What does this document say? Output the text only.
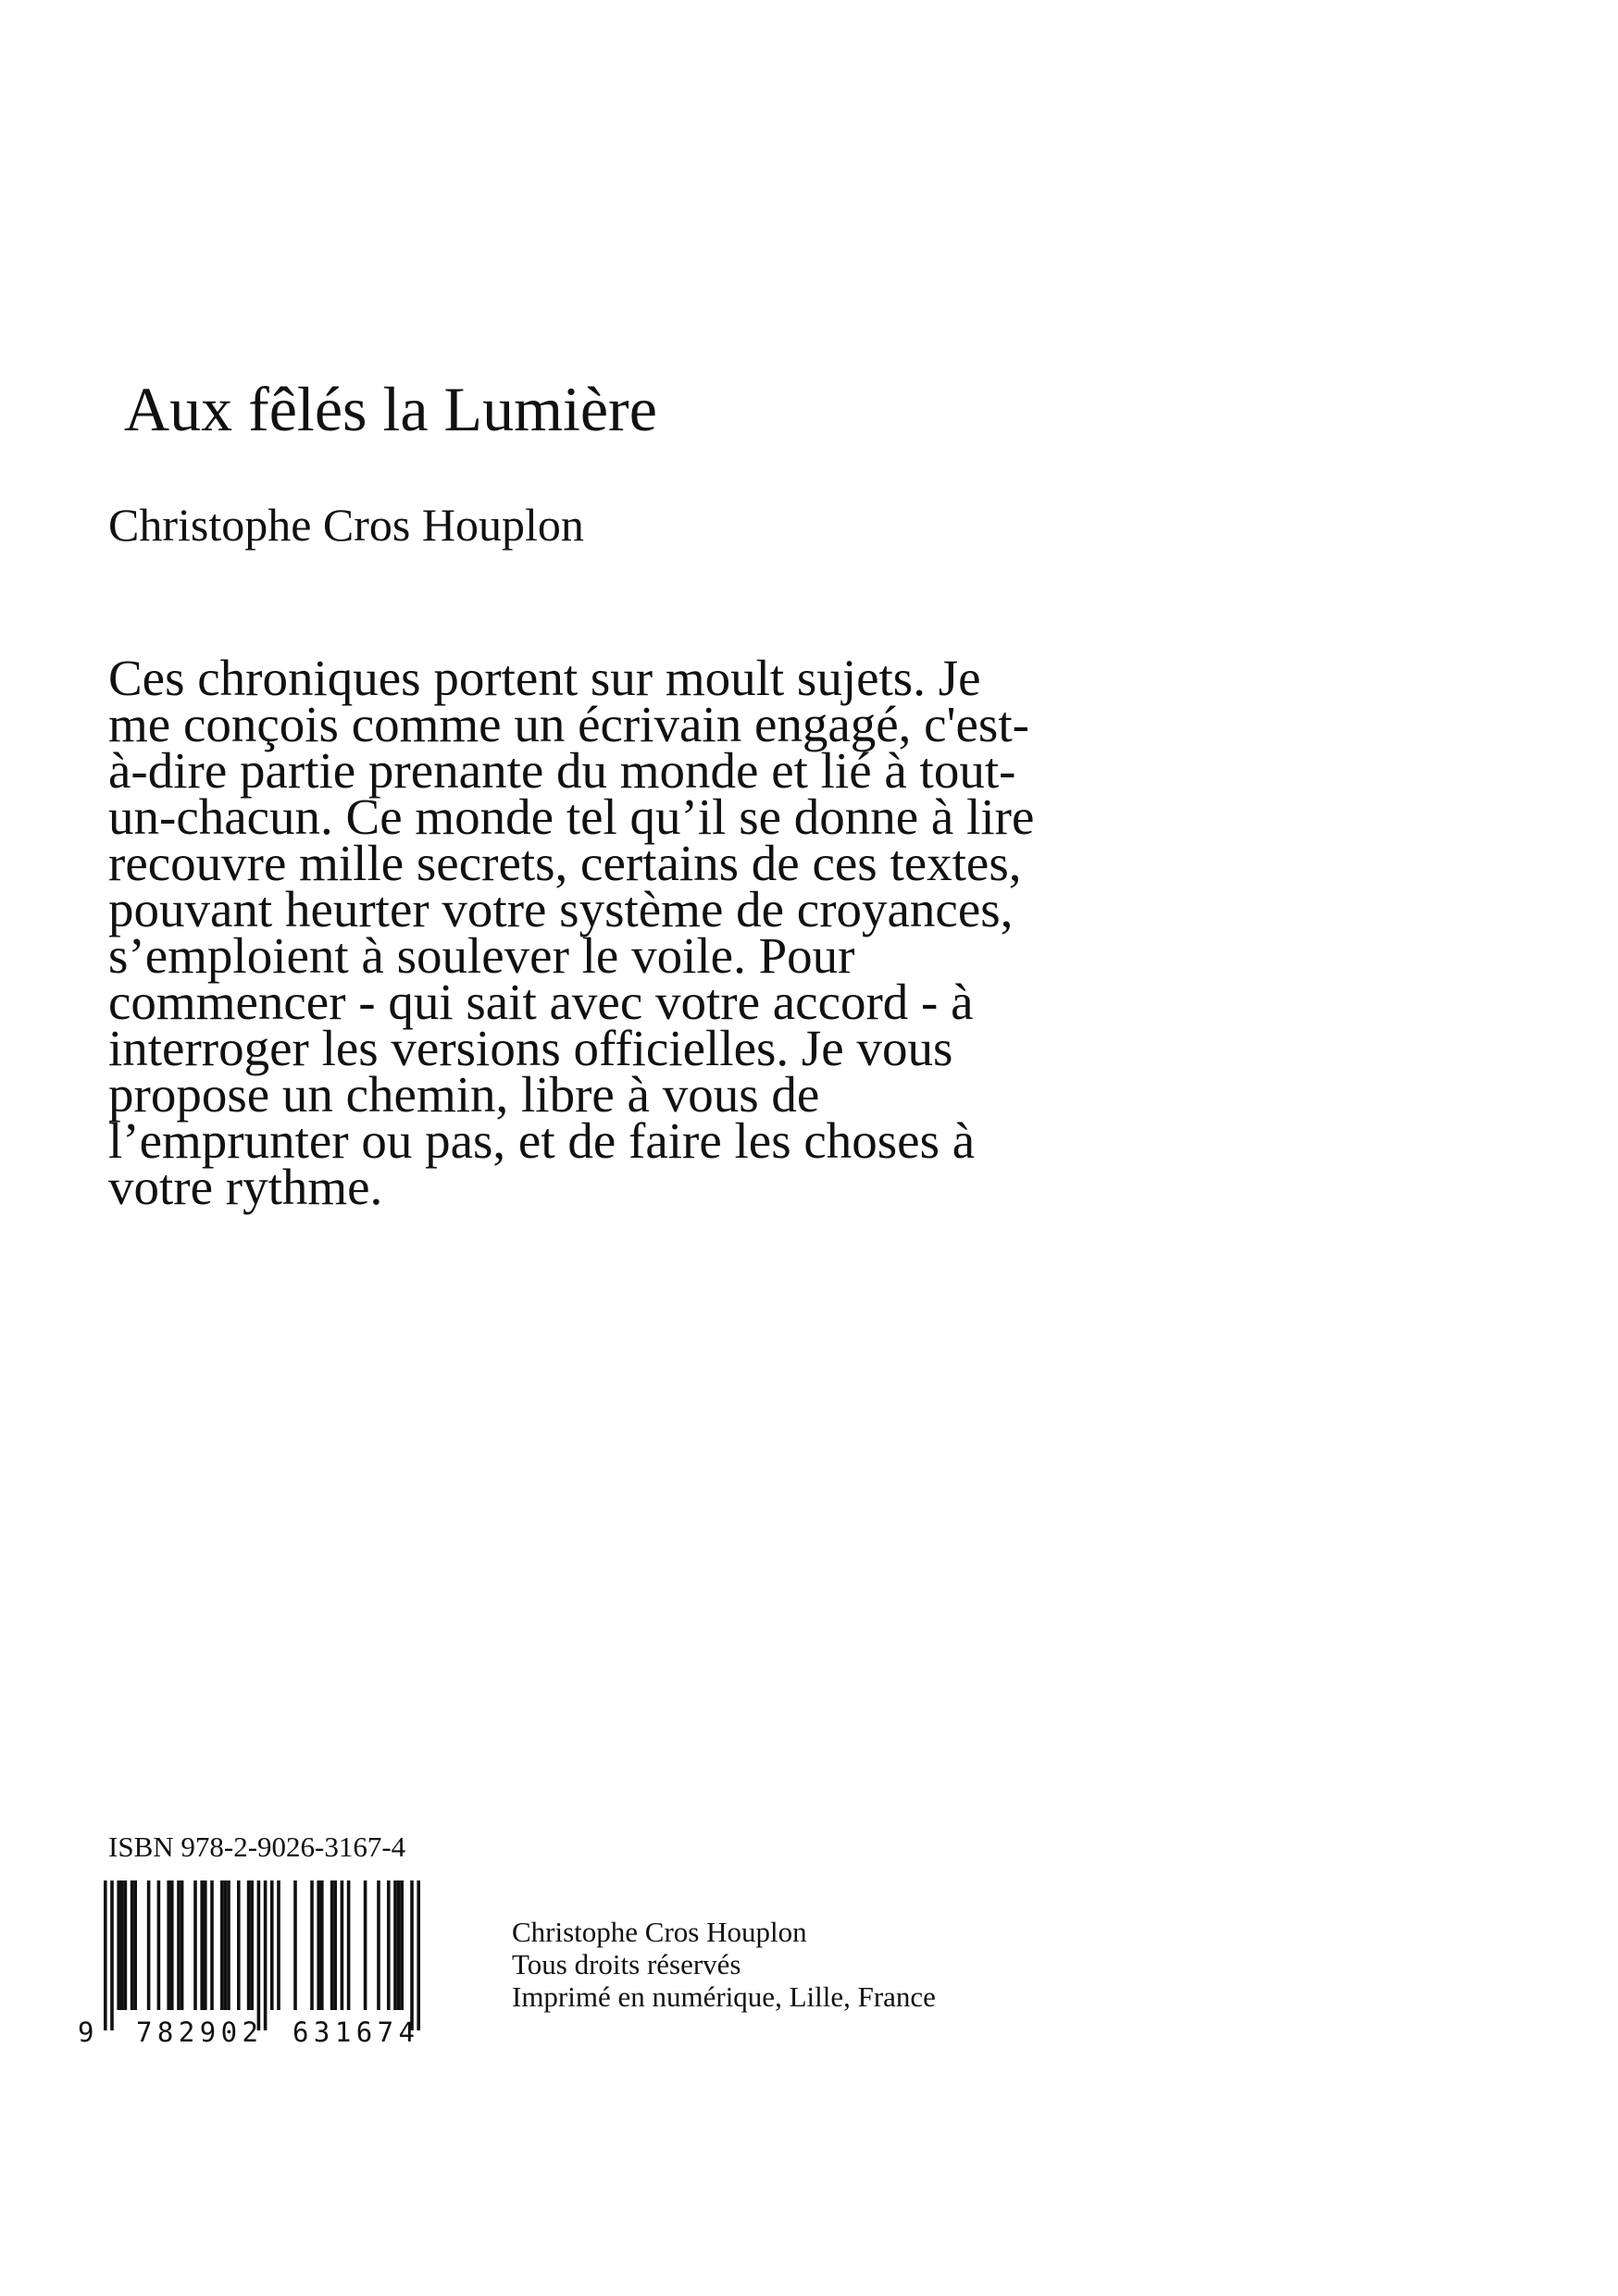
Aux fêlés la Lumière
Christophe Cros Houplon
Ces chroniques portent sur moult sujets. Je
me conçois comme un écrivain engagé, c'est-
à-dire partie prenante du monde et lié à tout-
un-chacun. Ce monde tel qu’il se donne à lire
recouvre mille secrets, certains de ces textes,
pouvant heurter votre système de croyances,
s’emploient à soulever le voile. Pour
commencer - qui sait avec votre accord - à
interroger les versions officielles. Je vous
propose un chemin, libre à vous de
l’emprunter ou pas, et de faire les choses à
votre rythme.
ISBN 978-2-9026-3167-4
9 782902 631674
Christophe Cros Houplon
Tous droits réservés
Imprimé en numérique, Lille, France
